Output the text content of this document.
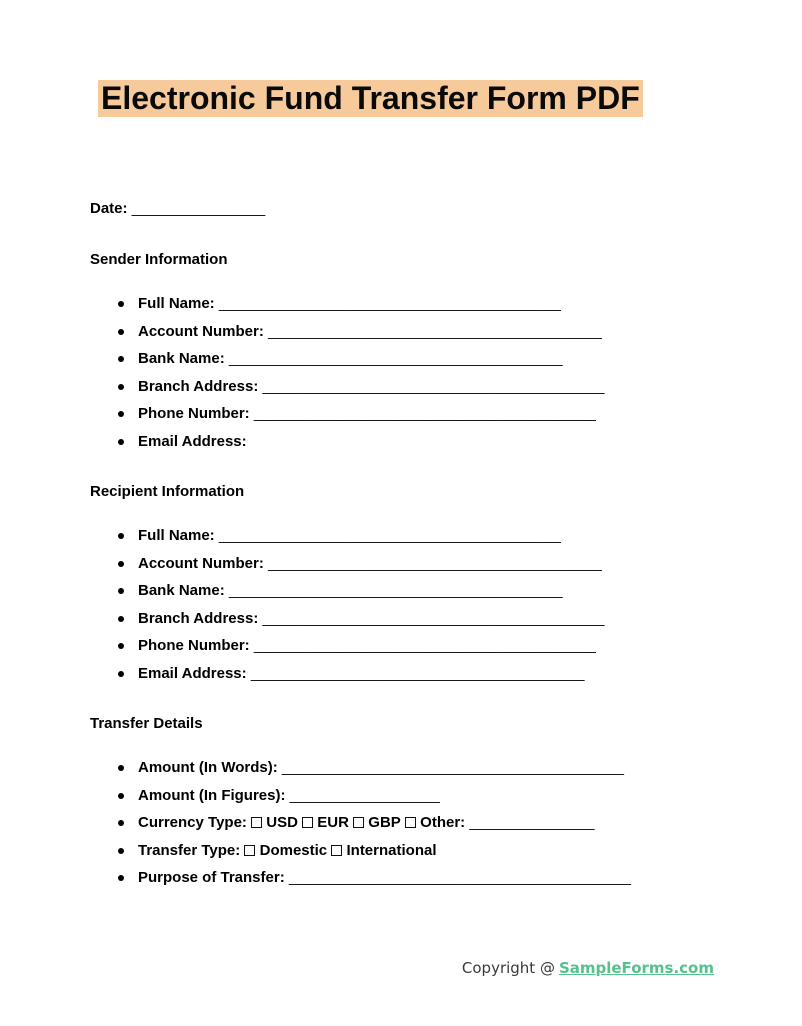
Electronic Fund Transfer Form PDF
Date: ________________
Sender Information
Full Name: _________________________________________
Account Number: ________________________________________
Bank Name: ________________________________________
Branch Address: _________________________________________
Phone Number: _________________________________________
Email Address:
Recipient Information
Full Name: _________________________________________
Account Number: ________________________________________
Bank Name: ________________________________________
Branch Address: _________________________________________
Phone Number: _________________________________________
Email Address: ________________________________________
Transfer Details
Amount (In Words): _________________________________________
Amount (In Figures): __________________
Currency Type: USD EUR GBP Other: _______________
Transfer Type: Domestic International
Purpose of Transfer: _________________________________________
Copyright @ SampleForms.com
